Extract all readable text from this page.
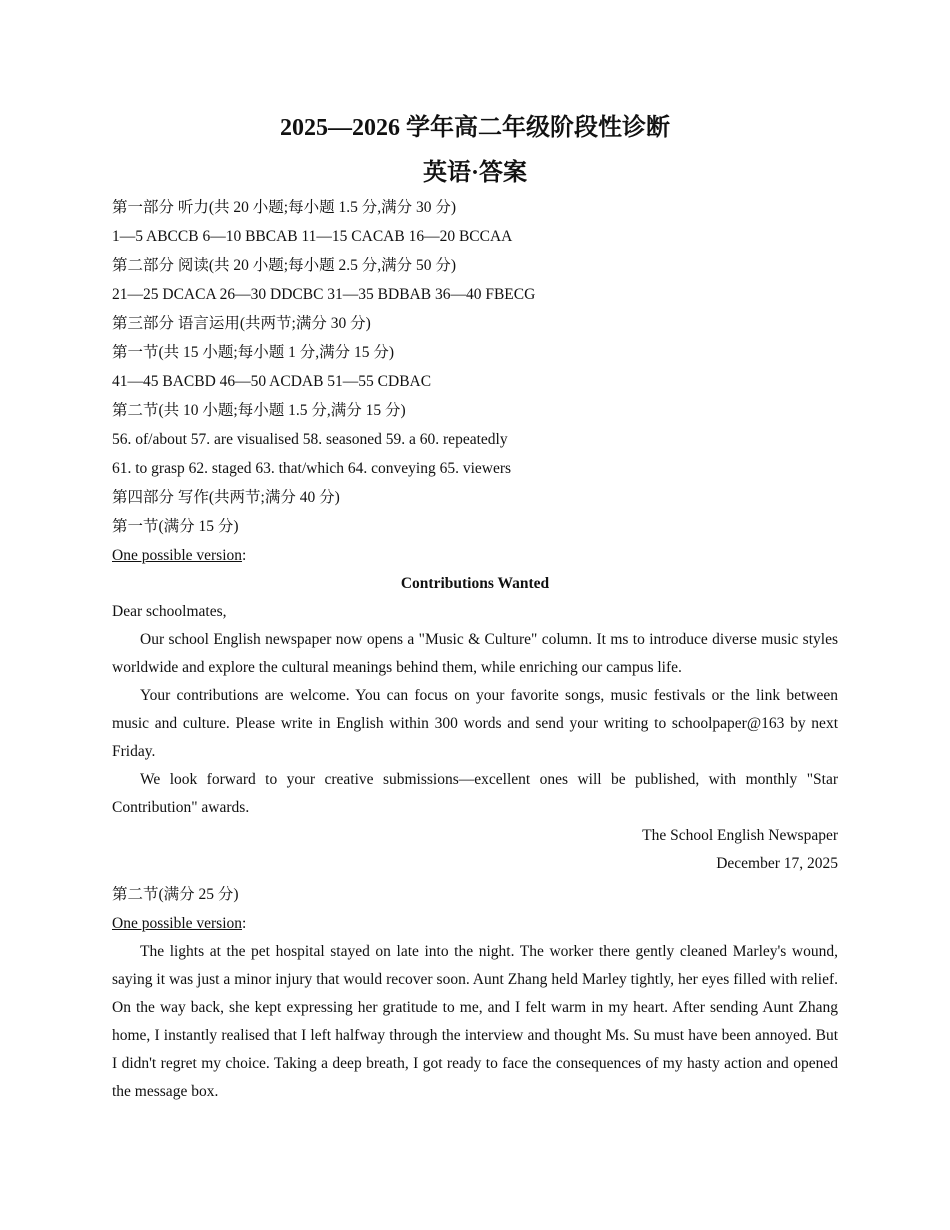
2025—2026 学年高二年级阶段性诊断
英语·答案
第一部分 听力(共 20 小题;每小题 1.5 分,满分 30 分)
1—5 ABCCB 6—10 BBCAB 11—15 CACAB 16—20 BCCAA
第二部分 阅读(共 20 小题;每小题 2.5 分,满分 50 分)
21—25 DCACA 26—30 DDCBC 31—35 BDBAB 36—40 FBECG
第三部分 语言运用(共两节;满分 30 分)
第一节(共 15 小题;每小题 1 分,满分 15 分)
41—45 BACBD 46—50 ACDAB 51—55 CDBAC
第二节(共 10 小题;每小题 1.5 分,满分 15 分)
56. of/about 57. are visualised 58. seasoned 59. a 60. repeatedly
61. to grasp 62. staged 63. that/which 64. conveying 65. viewers
第四部分 写作(共两节;满分 40 分)
第一节(满分 15 分)
One possible version:
Contributions Wanted
Dear schoolmates,

Our school English newspaper now opens a "Music & Culture" column. It ms to introduce diverse music styles worldwide and explore the cultural meanings behind them, while enriching our campus life.

Your contributions are welcome. You can focus on your favorite songs, music festivals or the link between music and culture. Please write in English within 300 words and send your writing to schoolpaper@163 by next Friday.

We look forward to your creative submissions—excellent ones will be published, with monthly "Star Contribution" awards.

The School English Newspaper
December 17, 2025
第二节(满分 25 分)
One possible version:

The lights at the pet hospital stayed on late into the night. The worker there gently cleaned Marley's wound, saying it was just a minor injury that would recover soon. Aunt Zhang held Marley tightly, her eyes filled with relief. On the way back, she kept expressing her gratitude to me, and I felt warm in my heart. After sending Aunt Zhang home, I instantly realised that I left halfway through the interview and thought Ms. Su must have been annoyed. But I didn't regret my choice. Taking a deep breath, I got ready to face the consequences of my hasty action and opened the message box.
